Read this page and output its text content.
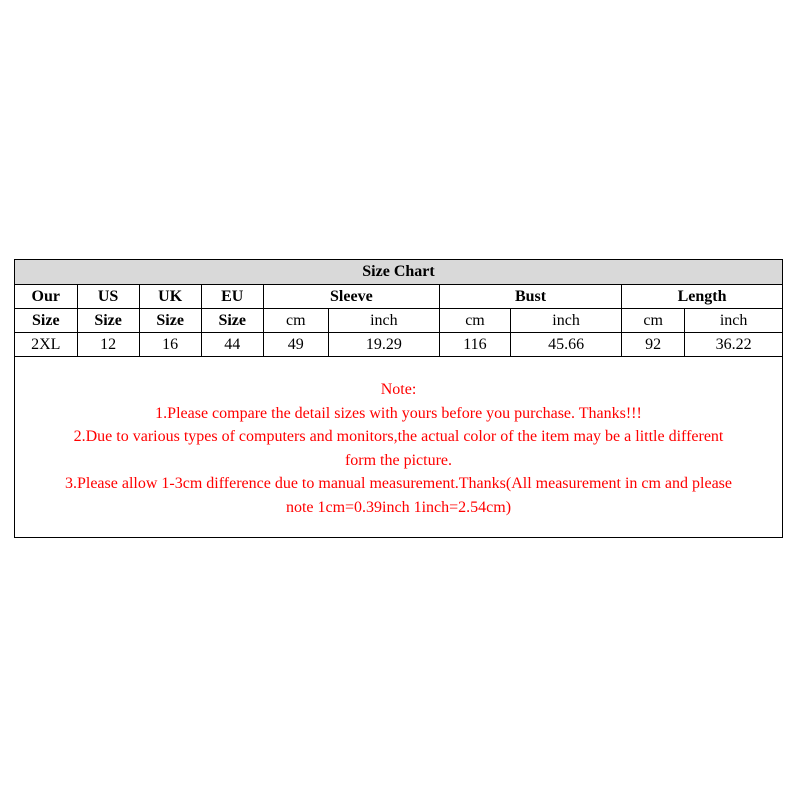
Size Chart									
Our	US	UK	EU	Sleeve		Bust		Length	
Size	Size	Size	Size	cm	inch	cm	inch	cm	inch
2XL	12	16	44	49	19.29	116	45.66	92	36.22
Note:
1.Please compare the detail sizes with yours before you purchase. Thanks!!!
2.Due to various types of computers and monitors,the actual color of the item may be a little different
form the picture.
3.Please allow 1-3cm difference due to manual measurement.Thanks(All measurement in cm and please
note 1cm=0.39inch 1inch=2.54cm)
